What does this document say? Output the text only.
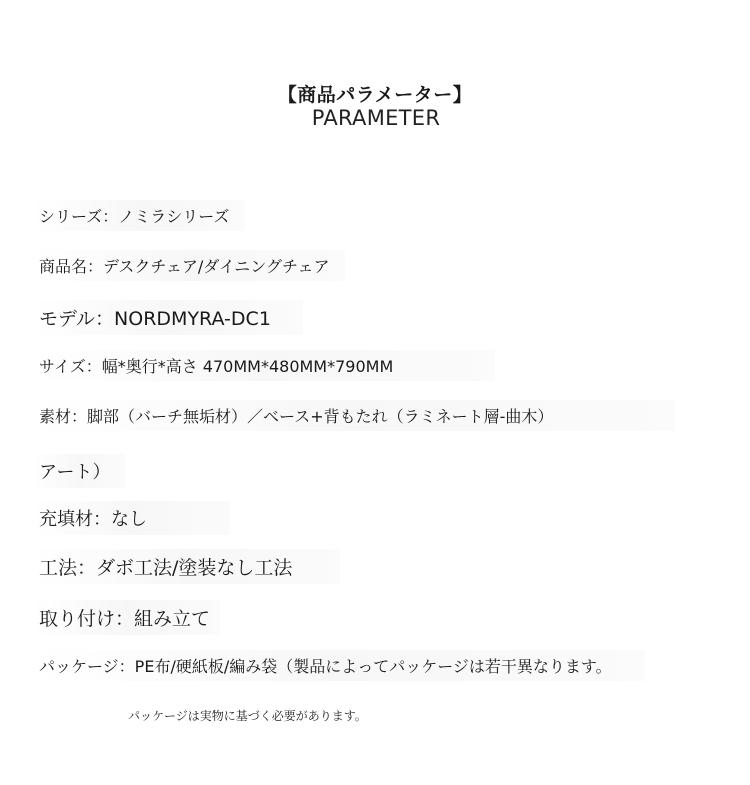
【商品パラメーター】
PARAMETER
シリーズ：ノミラシリーズ
商品名：デスクチェア/ダイニングチェア
モデル：NORDMYRA-DC1
サイズ：幅*奥行*高さ 470MM*480MM*790MM
素材：脚部（バーチ無垢材）／ベース+背もたれ（ラミネート層-曲木）
アート）
充填材：なし
工法：ダボ工法/塗装なし工法
取り付け：組み立て
パッケージ：PE布/硬紙板/編み袋（製品によってパッケージは若干異なります。
パッケージは実物に基づく必要があります。
